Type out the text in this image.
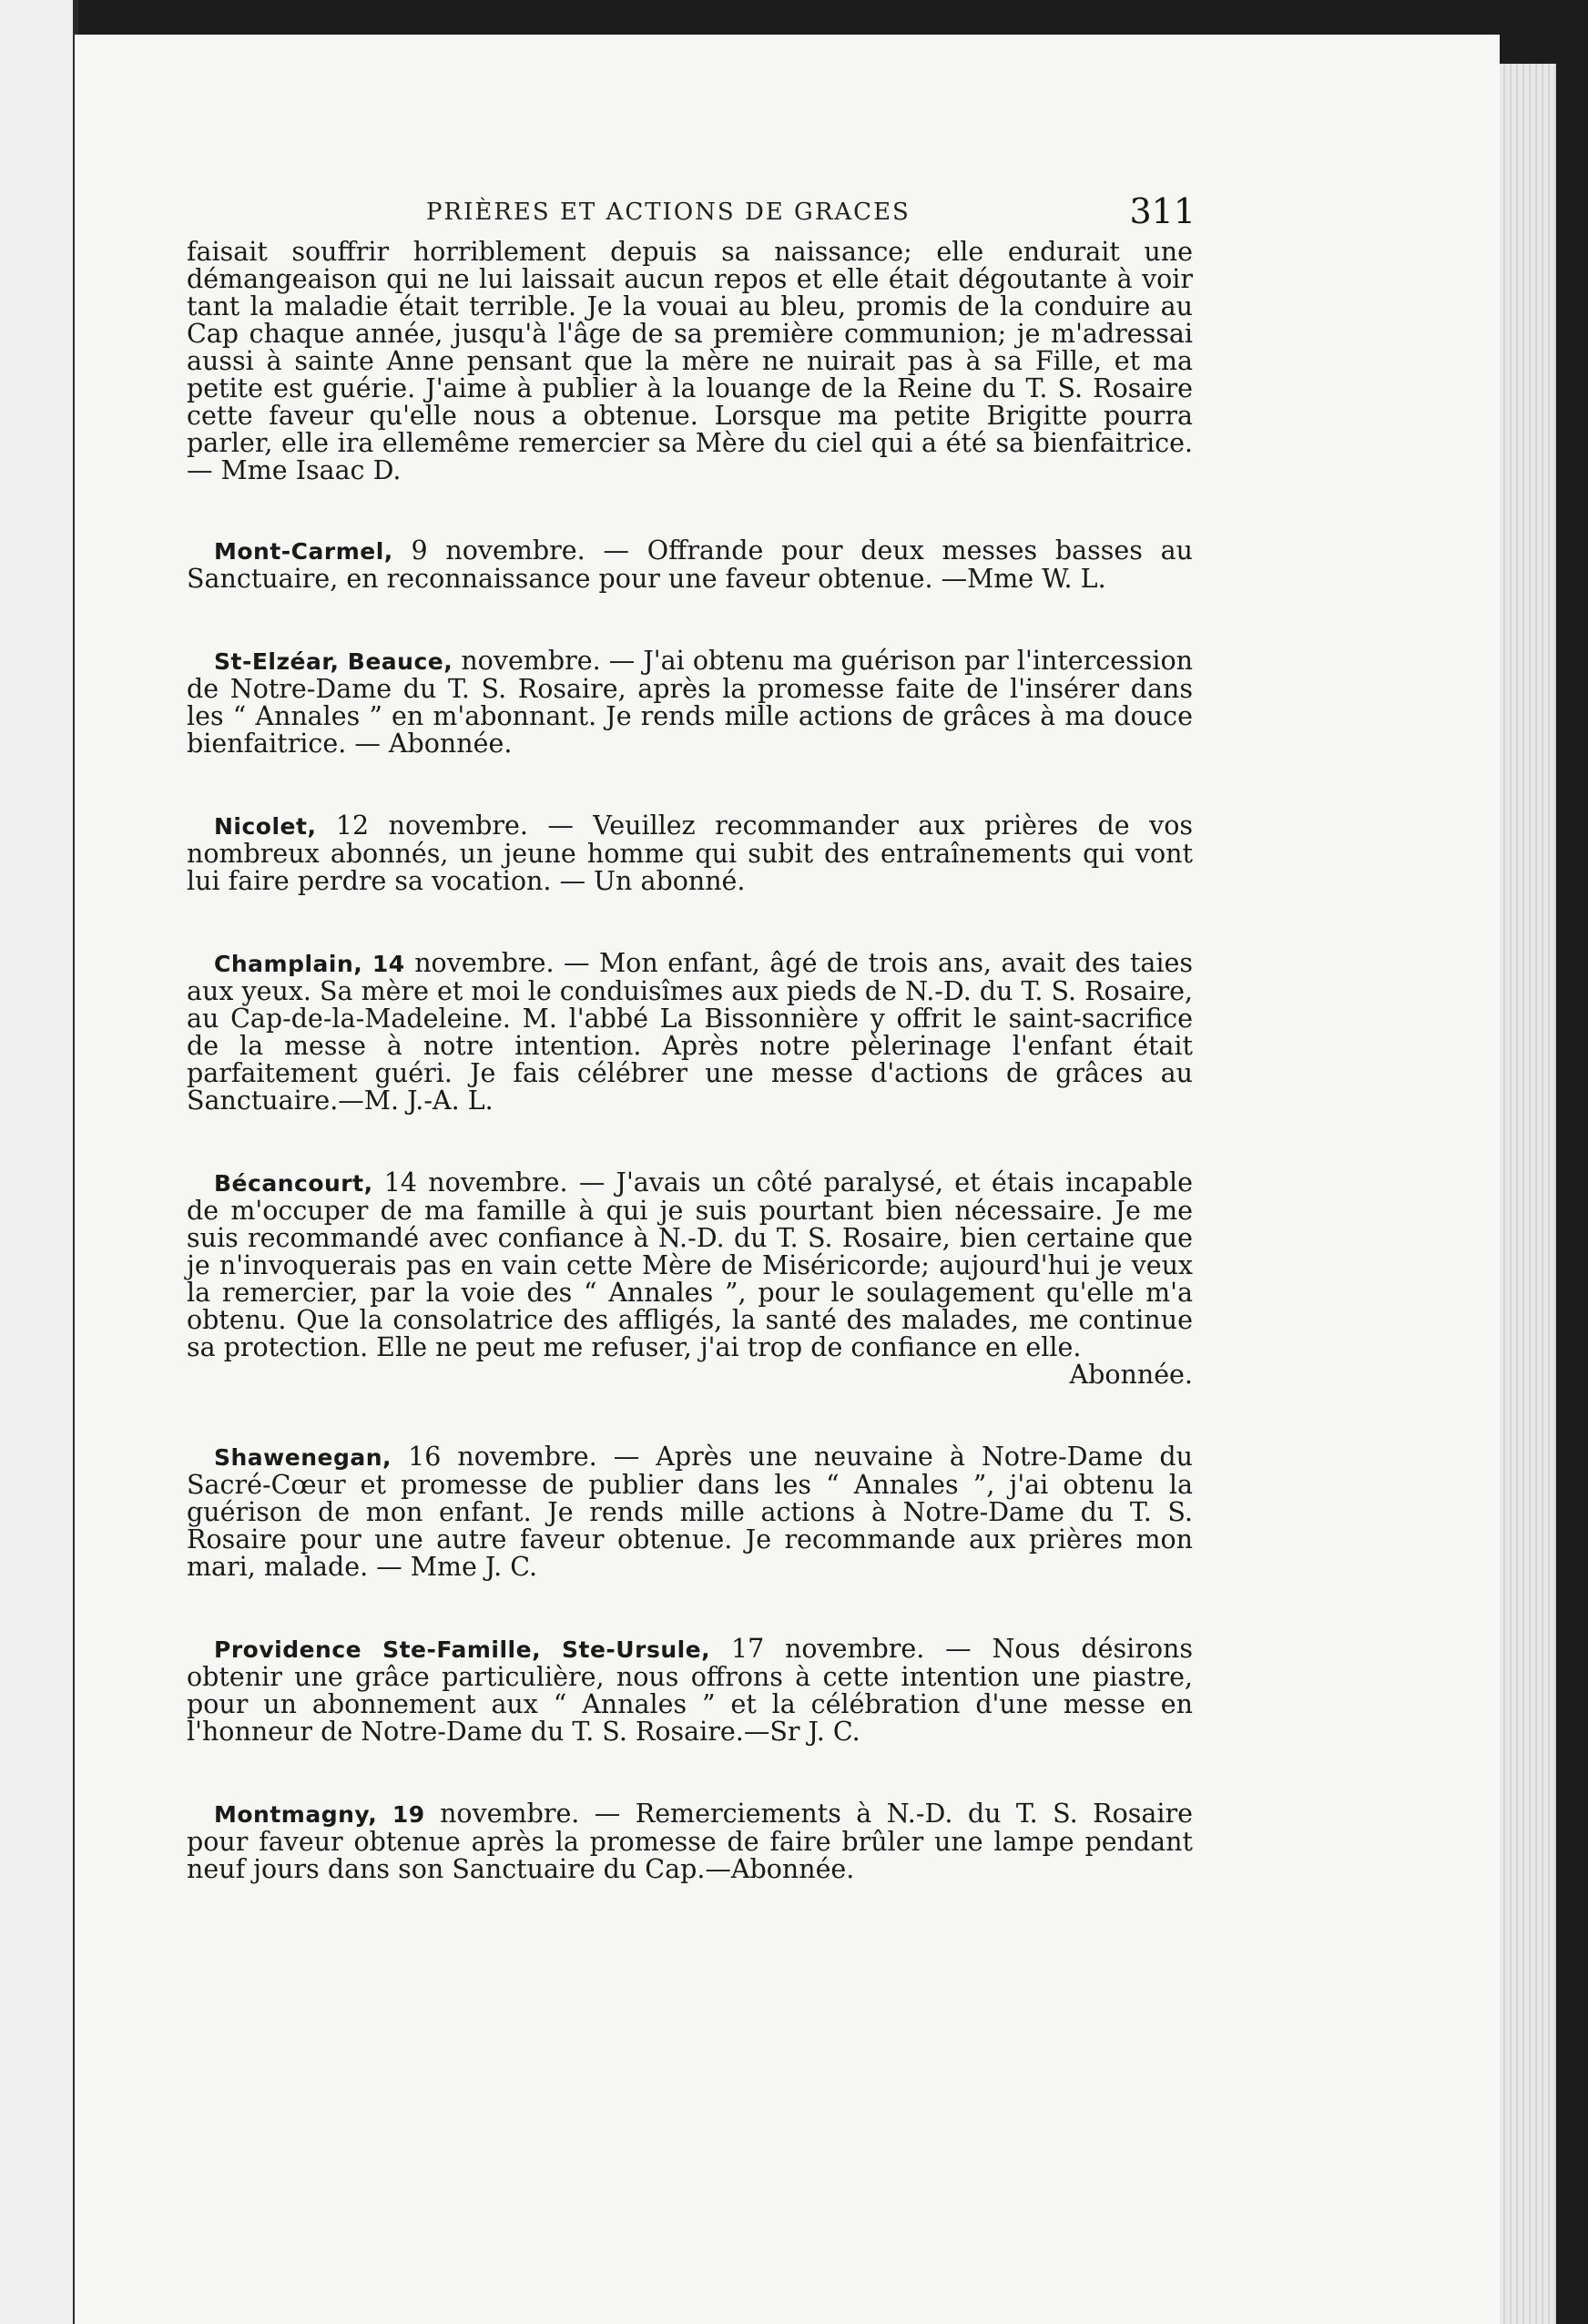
PRIÈRES ET ACTIONS DE GRACES	311

faisait souffrir horriblement depuis sa naissance; elle endurait une démangeaison qui ne lui laissait aucun repos et elle était dégoutante à voir tant la maladie était terrible. Je la vouai au bleu, promis de la conduire au Cap chaque année, jusqu'à l'âge de sa première communion; je m'adressai aussi à sainte Anne pensant que la mère ne nuirait pas à sa Fille, et ma petite est guérie. J'aime à publier à la louange de la Reine du T. S. Rosaire cette faveur qu'elle nous a obtenue. Lorsque ma petite Brigitte pourra parler, elle ira ellemême remercier sa Mère du ciel qui a été sa bienfaitrice. — Mme Isaac D.

Mont-Carmel, 9 novembre. — Offrande pour deux messes basses au Sanctuaire, en reconnaissance pour une faveur obtenue. —Mme W. L.

St-Elzéar, Beauce, novembre. — J'ai obtenu ma guérison par l'intercession de Notre-Dame du T. S. Rosaire, après la promesse faite de l'insérer dans les “ Annales ” en m'abonnant. Je rends mille actions de grâces à ma douce bienfaitrice. — Abonnée.

Nicolet, 12 novembre. — Veuillez recommander aux prières de vos nombreux abonnés, un jeune homme qui subit des entraînements qui vont lui faire perdre sa vocation. — Un abonné.

Champlain, 14 novembre. — Mon enfant, âgé de trois ans, avait des taies aux yeux. Sa mère et moi le conduisîmes aux pieds de N.-D. du T. S. Rosaire, au Cap-de-la-Madeleine. M. l'abbé La Bissonnière y offrit le saint-sacrifice de la messe à notre intention. Après notre pèlerinage l'enfant était parfaitement guéri. Je fais célébrer une messe d'actions de grâces au Sanctuaire.—M. J.-A. L.

Bécancourt, 14 novembre. — J'avais un côté paralysé, et étais incapable de m'occuper de ma famille à qui je suis pourtant bien nécessaire. Je me suis recommandé avec confiance à N.-D. du T. S. Rosaire, bien certaine que je n'invoquerais pas en vain cette Mère de Miséricorde; aujourd'hui je veux la remercier, par la voie des “ Annales ”, pour le soulagement qu'elle m'a obtenu. Que la consolatrice des affligés, la santé des malades, me continue sa protection. Elle ne peut me refuser, j'ai trop de confiance en elle.

Abonnée.

Shawenegan, 16 novembre. — Après une neuvaine à Notre-Dame du Sacré-Cœur et promesse de publier dans les “ Annales ”, j'ai obtenu la guérison de mon enfant. Je rends mille actions à Notre-Dame du T. S. Rosaire pour une autre faveur obtenue. Je recommande aux prières mon mari, malade. — Mme J. C.

Providence Ste-Famille, Ste-Ursule, 17 novembre. — Nous désirons obtenir une grâce particulière, nous offrons à cette intention une piastre, pour un abonnement aux “ Annales ” et la célébration d'une messe en l'honneur de Notre-Dame du T. S. Rosaire.—Sr J. C.

Montmagny, 19 novembre. — Remerciements à N.-D. du T. S. Rosaire pour faveur obtenue après la promesse de faire brûler une lampe pendant neuf jours dans son Sanctuaire du Cap.—Abonnée.
